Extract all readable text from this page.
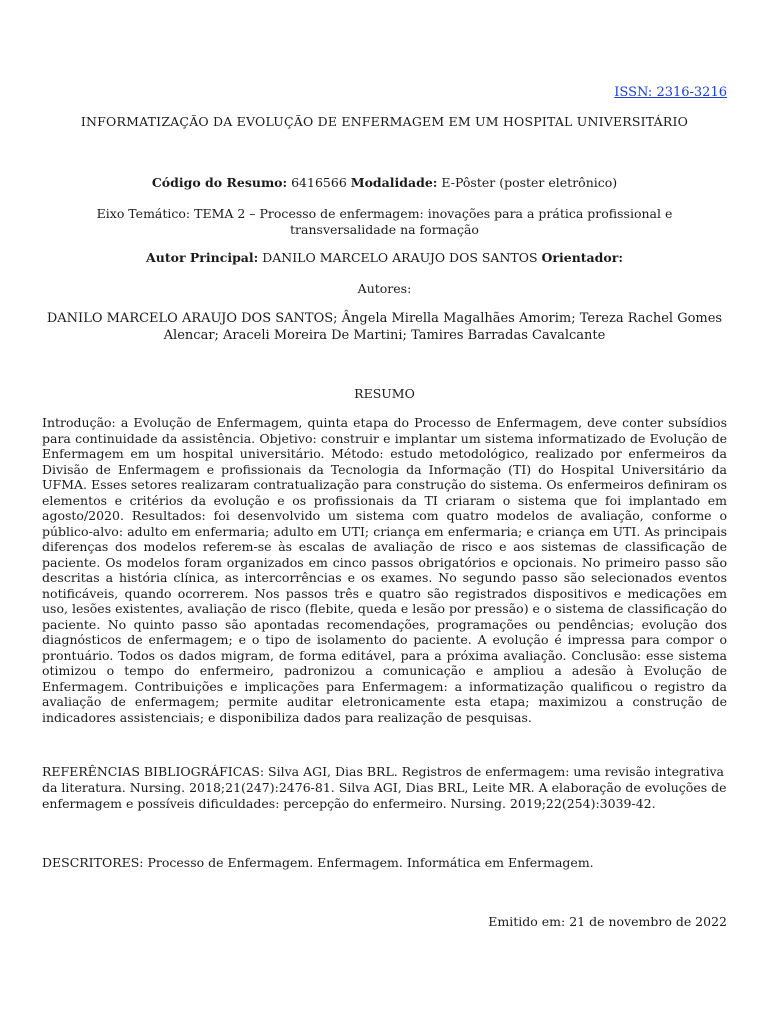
ISSN: 2316-3216
INFORMATIZAÇÃO DA EVOLUÇÃO DE ENFERMAGEM EM UM HOSPITAL UNIVERSITÁRIO
Código do Resumo: 6416566 Modalidade: E-Pôster (poster eletrônico)
Eixo Temático: TEMA 2 – Processo de enfermagem: inovações para a prática profissional e transversalidade na formação
Autor Principal: DANILO MARCELO ARAUJO DOS SANTOS Orientador:
Autores:
DANILO MARCELO ARAUJO DOS SANTOS; Ângela Mirella Magalhães Amorim; Tereza Rachel Gomes Alencar; Araceli Moreira De Martini; Tamires Barradas Cavalcante
RESUMO
Introdução: a Evolução de Enfermagem, quinta etapa do Processo de Enfermagem, deve conter subsídios para continuidade da assistência. Objetivo: construir e implantar um sistema informatizado de Evolução de Enfermagem em um hospital universitário. Método: estudo metodológico, realizado por enfermeiros da Divisão de Enfermagem e profissionais da Tecnologia da Informação (TI) do Hospital Universitário da UFMA. Esses setores realizaram contratualização para construção do sistema. Os enfermeiros definiram os elementos e critérios da evolução e os profissionais da TI criaram o sistema que foi implantado em agosto/2020. Resultados: foi desenvolvido um sistema com quatro modelos de avaliação, conforme o público-alvo: adulto em enfermaria; adulto em UTI; criança em enfermaria; e criança em UTI. As principais diferenças dos modelos referem-se às escalas de avaliação de risco e aos sistemas de classificação de paciente. Os modelos foram organizados em cinco passos obrigatórios e opcionais. No primeiro passo são descritas a história clínica, as intercorrências e os exames. No segundo passo são selecionados eventos notificáveis, quando ocorrerem. Nos passos três e quatro são registrados dispositivos e medicações em uso, lesões existentes, avaliação de risco (flebite, queda e lesão por pressão) e o sistema de classificação do paciente. No quinto passo são apontadas recomendações, programações ou pendências; evolução dos diagnósticos de enfermagem; e o tipo de isolamento do paciente. A evolução é impressa para compor o prontuário. Todos os dados migram, de forma editável, para a próxima avaliação. Conclusão: esse sistema otimizou o tempo do enfermeiro, padronizou a comunicação e ampliou a adesão à Evolução de Enfermagem. Contribuições e implicações para Enfermagem: a informatização qualificou o registro da avaliação de enfermagem; permite auditar eletronicamente esta etapa; maximizou a construção de indicadores assistenciais; e disponibiliza dados para realização de pesquisas.
REFERÊNCIAS BIBLIOGRÁFICAS: Silva AGI, Dias BRL. Registros de enfermagem: uma revisão integrativa da literatura. Nursing. 2018;21(247):2476-81. Silva AGI, Dias BRL, Leite MR. A elaboração de evoluções de enfermagem e possíveis dificuldades: percepção do enfermeiro. Nursing. 2019;22(254):3039-42.
DESCRITORES: Processo de Enfermagem. Enfermagem. Informática em Enfermagem.
Emitido em: 21 de novembro de 2022
